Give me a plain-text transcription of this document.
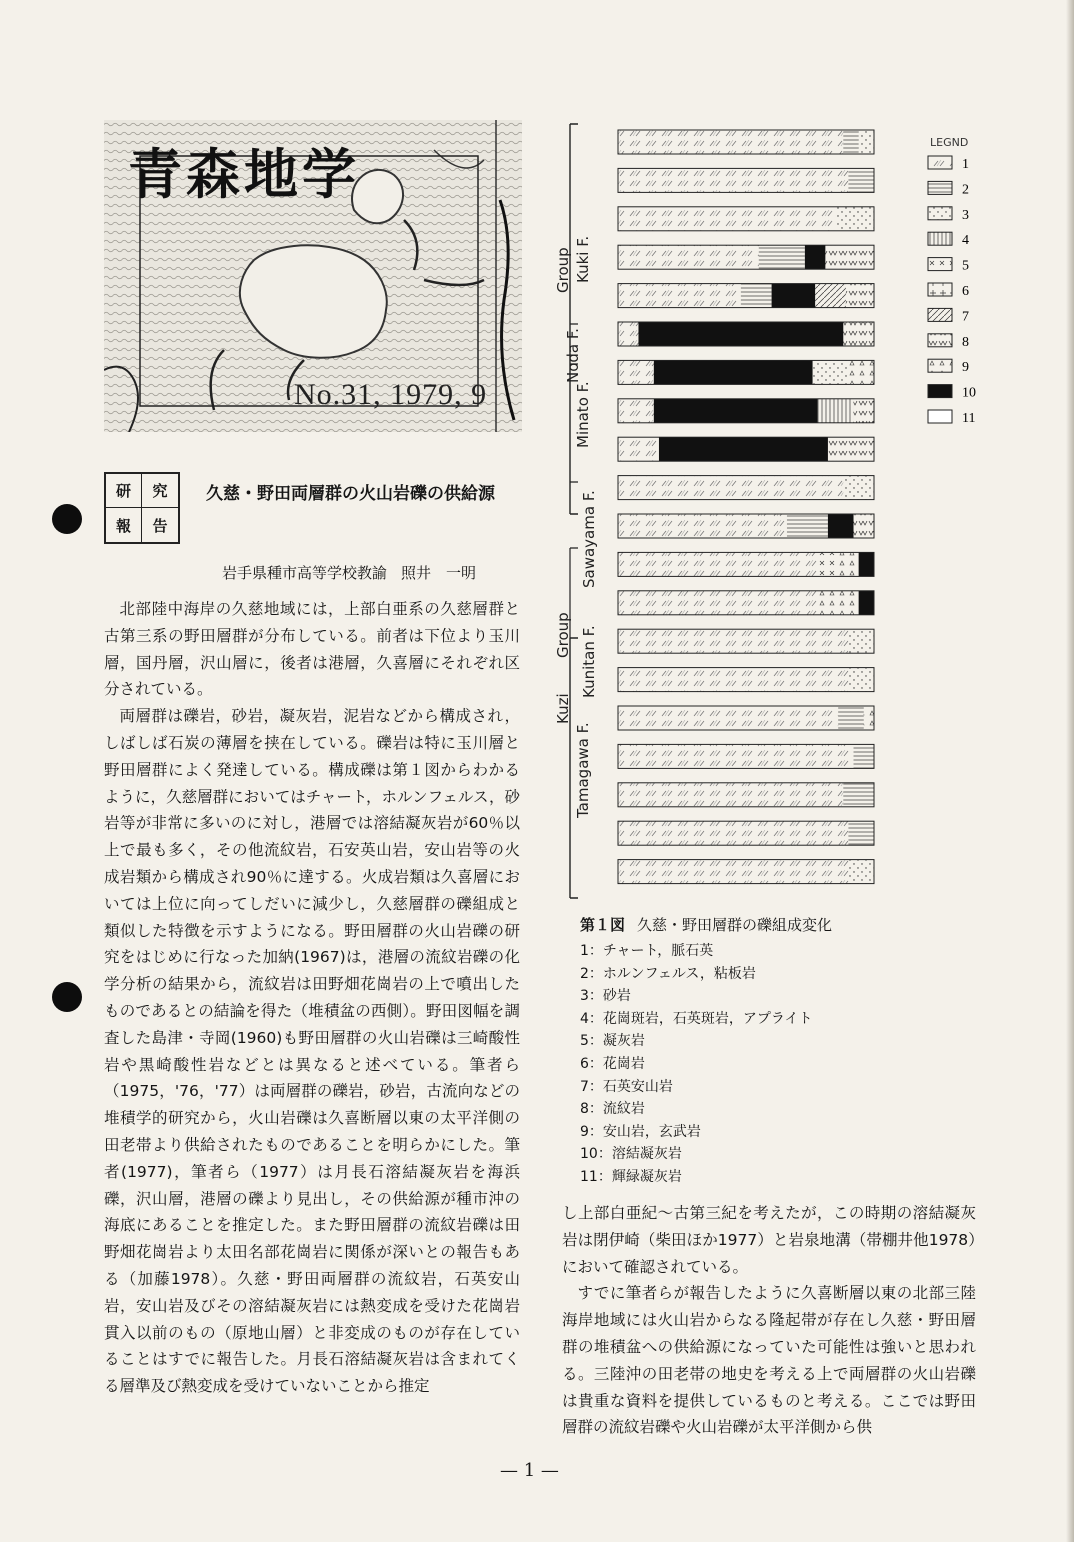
青森地学
No.31, 1979, 9
研	究
報	告
久慈・野田両層群の火山岩礫の供給源
岩手県種市高等学校教諭 照井　一明

北部陸中海岸の久慈地域には，上部白亜系の久慈層群と古第三系の野田層群が分布している。前者は下位より玉川層，国丹層，沢山層に，後者は港層，久喜層にそれぞれ区分されている。

両層群は礫岩，砂岩，凝灰岩，泥岩などから構成され，しばしば石炭の薄層を挟在している。礫岩は特に玉川層と野田層群によく発達している。構成礫は第１図からわかるように，久慈層群においてはチャート，ホルンフェルス，砂岩等が非常に多いのに対し，港層では溶結凝灰岩が60％以上で最も多く，その他流紋岩，石安英山岩，安山岩等の火成岩類から構成され90％に達する。火成岩類は久喜層においては上位に向ってしだいに減少し，久慈層群の礫組成と類似した特徴を示すようになる。野田層群の火山岩礫の研究をはじめに行なった加納(1967)は，港層の流紋岩礫の化学分析の結果から，流紋岩は田野畑花崗岩の上で噴出したものであるとの結論を得た（堆積盆の西側）。野田図幅を調査した島津・寺岡(1960)も野田層群の火山岩礫は三崎酸性岩や黒崎酸性岩などとは異なると述べている。筆者ら（1975，'76，'77）は両層群の礫岩，砂岩，古流向などの堆積学的研究から，火山岩礫は久喜断層以東の太平洋側の田老帯より供給されたものであることを明らかにした。筆者(1977)，筆者ら（1977）は月長石溶結凝灰岩を海浜礫，沢山層，港層の礫より見出し，その供給源が種市沖の海底にあることを推定した。また野田層群の流紋岩礫は田野畑花崗岩より太田名部花崗岩に関係が深いとの報告もある（加藤1978）。久慈・野田両層群の流紋岩，石英安山岩，安山岩及びその溶結凝灰岩には熱変成を受けた花崗岩貫入以前のもの（原地山層）と非変成のものが存在していることはすでに報告した。月長石溶結凝灰岩は含まれてくる層準及び熱変成を受けていないことから推定

1
2
3
4
5
6
7
8
9
10
11
Group Kuki F.
Noda F.
Minato F.
Sawayama F.
Kunitan F.
Group
Kuzi
Tamagawa F.
LEGND
第１図 久慈・野田層群の礫組成変化
1：チャート，脈石英
2：ホルンフェルス，粘板岩
3：砂岩
4：花崗斑岩，石英斑岩，アプライト
5：凝灰岩
6：花崗岩
7：石英安山岩
8：流紋岩
9：安山岩，玄武岩
10：溶結凝灰岩
11：輝緑凝灰岩

し上部白亜紀～古第三紀を考えたが，この時期の溶結凝灰岩は閉伊崎（柴田ほか1977）と岩泉地溝（帯棚井他1978）において確認されている。

すでに筆者らが報告したように久喜断層以東の北部三陸海岸地域には火山岩からなる隆起帯が存在し久慈・野田層群の堆積盆への供給源になっていた可能性は強いと思われる。三陸沖の田老帯の地史を考える上で両層群の火山岩礫は貴重な資料を提供しているものと考える。ここでは野田層群の流紋岩礫や火山岩礫が太平洋側から供

— 1 —
